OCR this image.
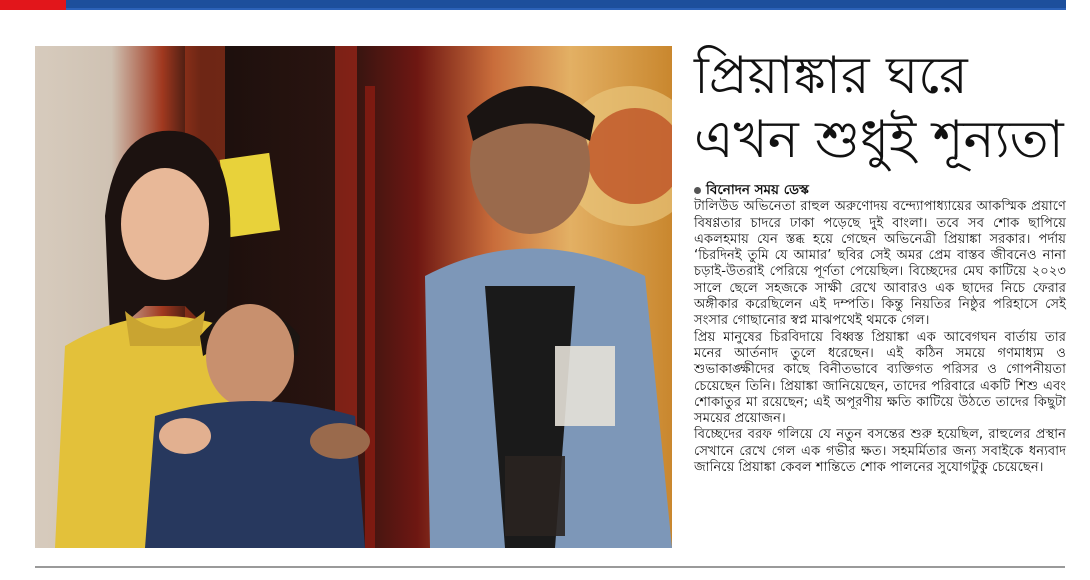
প্রিয়াঙ্কার ঘরে এখন শুধুই শূন্যতা
বিনোদন সময় ডেস্ক

টালিউড অভিনেতা রাহুল অরুণোদয় বন্দ্যোপাধ্যায়ের আকস্মিক প্রয়াণে বিষণ্ণতার চাদরে ঢাকা পড়েছে দুই বাংলা। তবে সব শোক ছাপিয়ে একলহমায় যেন স্তব্ধ হয়ে গেছেন অভিনেত্রী প্রিয়াঙ্কা সরকার। পর্দায় ‘চিরদিনই তুমি যে আমার’ ছবির সেই অমর প্রেম বাস্তব জীবনেও নানা চড়াই-উতরাই পেরিয়ে পূর্ণতা পেয়েছিল। বিচ্ছেদের মেঘ কাটিয়ে ২০২৩ সালে ছেলে সহজকে সাক্ষী রেখে আবারও এক ছাদের নিচে ফেরার অঙ্গীকার করেছিলেন এই দম্পতি। কিন্তু নিয়তির নিষ্ঠুর পরিহাসে সেই সংসার গোছানোর স্বপ্ন মাঝপথেই থমকে গেল।

প্রিয় মানুষের চিরবিদায়ে বিধ্বস্ত প্রিয়াঙ্কা এক আবেগঘন বার্তায় তার মনের আর্তনাদ তুলে ধরেছেন। এই কঠিন সময়ে গণমাধ্যম ও শুভাকাঙ্ক্ষীদের কাছে বিনীতভাবে ব্যক্তিগত পরিসর ও গোপনীয়তা চেয়েছেন তিনি। প্রিয়াঙ্কা জানিয়েছেন, তাদের পরিবারে একটি শিশু এবং শোকাতুর মা রয়েছেন; এই অপূরণীয় ক্ষতি কাটিয়ে উঠতে তাদের কিছুটা সময়ের প্রয়োজন।

বিচ্ছেদের বরফ গলিয়ে যে নতুন বসন্তের শুরু হয়েছিল, রাহুলের প্রস্থান সেখানে রেখে গেল এক গভীর ক্ষত। সহমর্মিতার জন্য সবাইকে ধন্যবাদ জানিয়ে প্রিয়াঙ্কা কেবল শান্তিতে শোক পালনের সুযোগটুকু চেয়েছেন।
